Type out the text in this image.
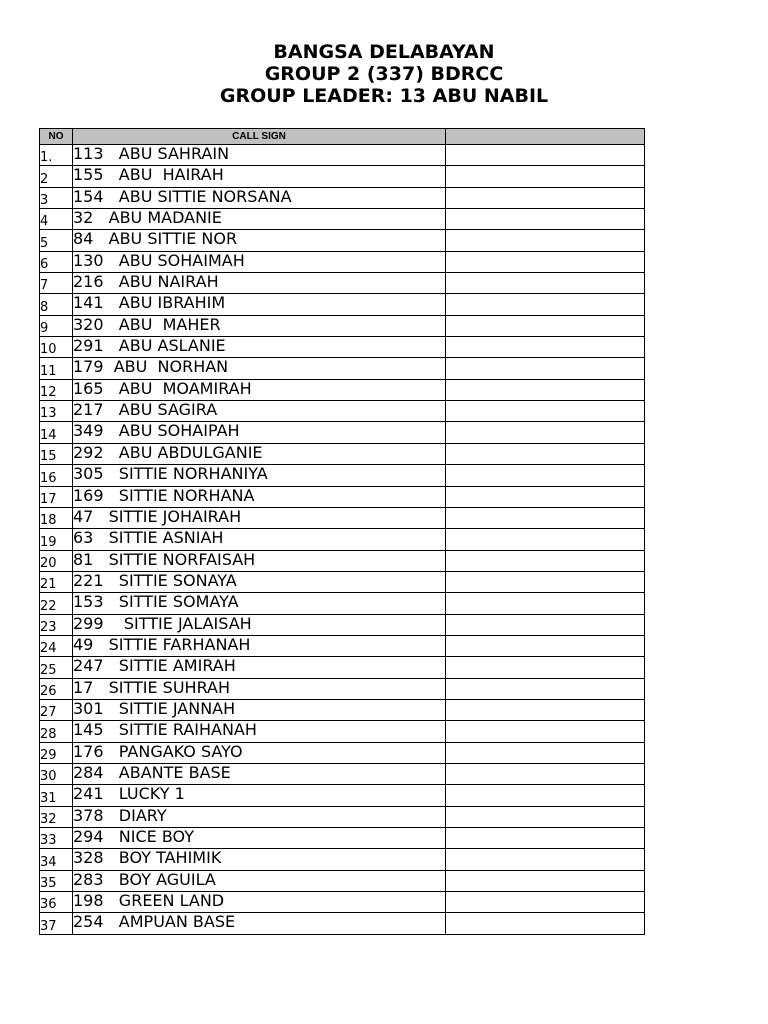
BANGSA DELABAYAN
GROUP 2 (337) BDRCC
GROUP LEADER: 13 ABU NABIL
NO	CALL SIGN	
1.	113   ABU SAHRAIN	
2	155   ABU  HAIRAH	
3	154   ABU SITTIE NORSANA	
4	32   ABU MADANIE	
5	84   ABU SITTIE NOR	
6	130   ABU SOHAIMAH	
7	216   ABU NAIRAH	
8	141   ABU IBRAHIM	
9	320   ABU  MAHER	
10	291   ABU ASLANIE	
11	179  ABU  NORHAN	
12	165   ABU  MOAMIRAH	
13	217   ABU SAGIRA	
14	349   ABU SOHAIPAH	
15	292   ABU ABDULGANIE	
16	305   SITTIE NORHANIYA	
17	169   SITTIE NORHANA	
18	47   SITTIE JOHAIRAH	
19	63   SITTIE ASNIAH	
20	81   SITTIE NORFAISAH	
21	221   SITTIE SONAYA	
22	153   SITTIE SOMAYA	
23	299    SITTIE JALAISAH	
24	49   SITTIE FARHANAH	
25	247   SITTIE AMIRAH	
26	17   SITTIE SUHRAH	
27	301   SITTIE JANNAH	
28	145   SITTIE RAIHANAH	
29	176   PANGAKO SAYO	
30	284   ABANTE BASE	
31	241   LUCKY 1	
32	378   DIARY	
33	294   NICE BOY	
34	328   BOY TAHIMIK	
35	283   BOY AGUILA	
36	198   GREEN LAND	
37	254   AMPUAN BASE	
